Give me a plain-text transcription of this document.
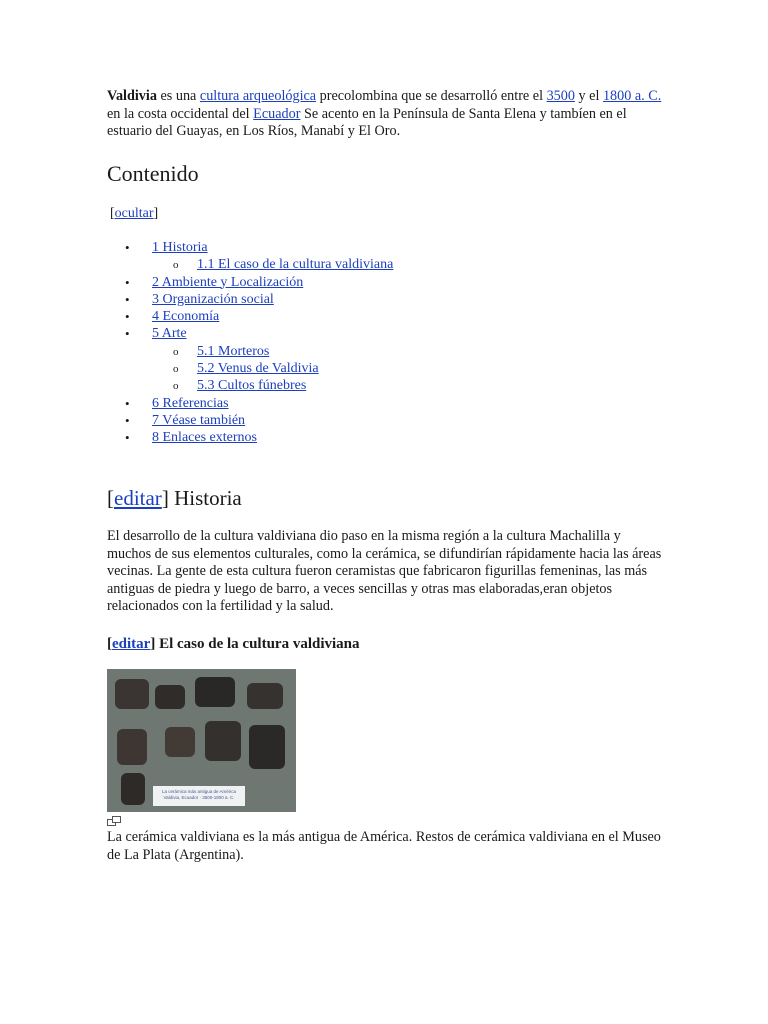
Valdivia es una cultura arqueológica precolombina que se desarrolló entre el 3500 y el 1800 a. C. en la costa occidental del Ecuador Se acento en la Península de Santa Elena y tambíen en el estuario del Guayas, en Los Ríos, Manabí y El Oro.

Contenido
[ocultar]
• 1 Historia
o 1.1 El caso de la cultura valdiviana
• 2 Ambiente y Localización
• 3 Organización social
• 4 Economía
• 5 Arte
o 5.1 Morteros
o 5.2 Venus de Valdivia
o 5.3 Cultos fúnebres
• 6 Referencias
• 7 Véase también
• 8 Enlaces externos
[editar] Historia

El desarrollo de la cultura valdiviana dio paso en la misma región a la cultura Machalilla y muchos de sus elementos culturales, como la cerámica, se difundirían rápidamente hacia las áreas vecinas. La gente de esta cultura fueron ceramistas que fabricaron figurillas femeninas, las más antiguas de piedra y luego de barro, a veces sencillas y otras mas elaboradas,eran objetos relacionados con la fertilidad y la salud.

[editar] El caso de la cultura valdiviana
La cerámica más antigua de América
Valdivia, Ecuador · 3500-1800 a. C.

La cerámica valdiviana es la más antigua de América. Restos de cerámica valdiviana en el Museo de La Plata (Argentina).
